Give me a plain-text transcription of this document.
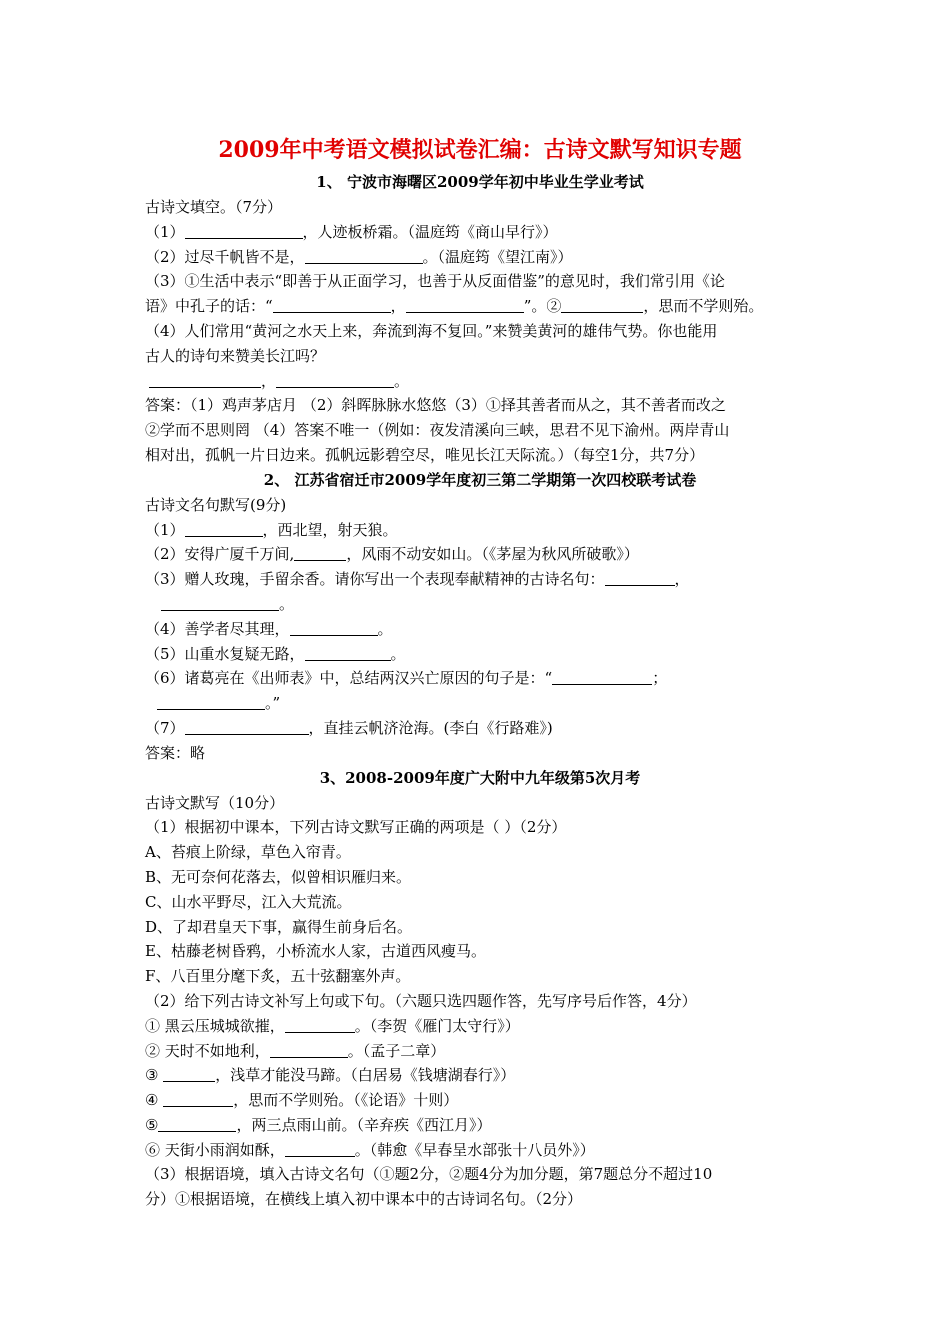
2009年中考语文模拟试卷汇编：古诗文默写知识专题
1、 宁波市海曙区2009学年初中毕业生学业考试
古诗文填空。（7分）
（1）	，人迹板桥霜。（温庭筠《商山早行》）
（2）过尽千帆皆不是，	。（温庭筠《望江南》）
（3）①生活中表示“即善于从正面学习，也善于从反面借鉴”的意见时，我们常引用《论
语》中孔子的话：“	，	”。②	，思而不学则殆。
（4）人们常用“黄河之水天上来，奔流到海不复回。”来赞美黄河的雄伟气势。你也能用
古人的诗句来赞美长江吗？
，	。
答案：（1）鸡声茅店月 （2）斜晖脉脉水悠悠（3）①择其善者而从之，其不善者而改之
②学而不思则罔 （4）答案不唯一（例如：夜发清溪向三峡，思君不见下渝州。两岸青山
相对出，孤帆一片日边来。孤帆远影碧空尽，唯见长江天际流。）（每空1分，共7分）
2、 江苏省宿迁市2009学年度初三第二学期第一次四校联考试卷
古诗文名句默写(9分)
（1）	，西北望，射天狼。
（2）安得广厦千万间,	，风雨不动安如山。（《茅屋为秋风所破歌》）
（3）赠人玫瑰，手留余香。请你写出一个表现奉献精神的古诗名句：	，
。
（4）善学者尽其理，	。
（5）山重水复疑无路，	。
（6）诸葛亮在《出师表》中，总结两汉兴亡原因的句子是：“	；
。”
（7）	，直挂云帆济沧海。(李白《行路难》)
答案：略
3、2008-2009年度广大附中九年级第5次月考
古诗文默写（10分）
（1）根据初中课本，下列古诗文默写正确的两项是（ ）（2分）
A、苔痕上阶绿，草色入帘青。
B、无可奈何花落去，似曾相识雁归来。
C、山水平野尽，江入大荒流。
D、了却君皇天下事，赢得生前身后名。
E、枯藤老树昏鸦，小桥流水人家，古道西风瘦马。
F、八百里分麾下炙，五十弦翻塞外声。
（2）给下列古诗文补写上句或下句。（六题只选四题作答，先写序号后作答，4分）
① 黑云压城城欲摧，	。（李贺《雁门太守行》）
② 天时不如地利，	。（孟子二章）
③	，浅草才能没马蹄。（白居易《钱塘湖春行》）
④	，思而不学则殆。（《论语》十则）
⑤	，两三点雨山前。（辛弃疾《西江月》）
⑥ 天街小雨润如酥，	。（韩愈《早春呈水部张十八员外》）
（3）根据语境，填入古诗文名句（①题2分，②题4分为加分题，第7题总分不超过10
分）①根据语境，在横线上填入初中课本中的古诗词名句。（2分）
